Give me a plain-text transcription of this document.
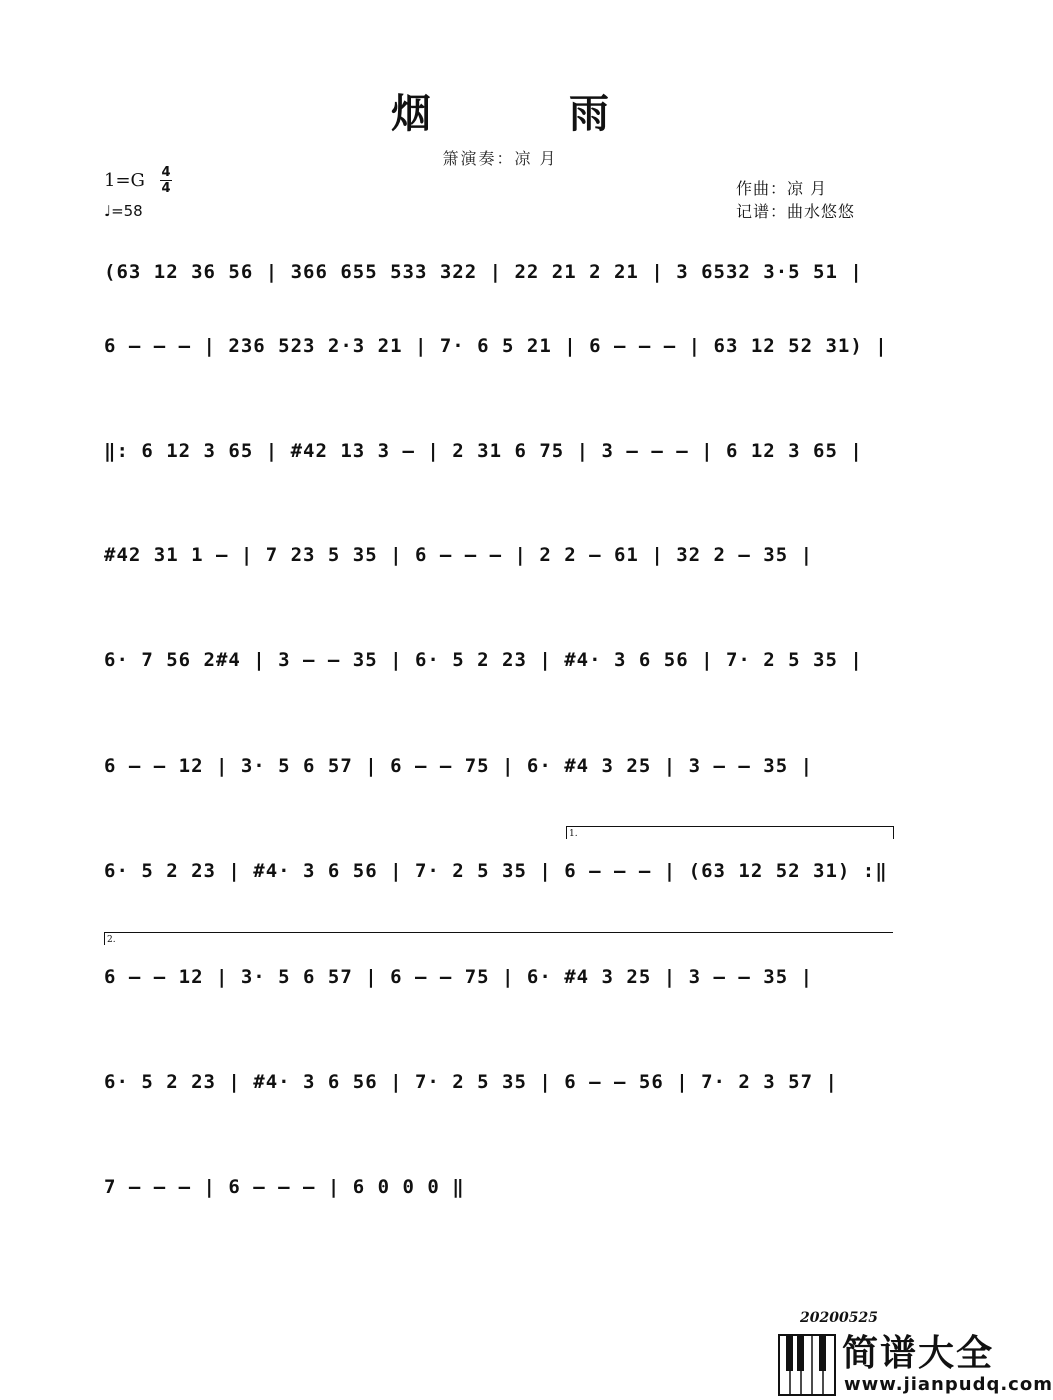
烟 雨
箫演奏：凉 月
1=G 4
4
♩=58
作曲：凉 月
记谱：曲水悠悠
(63 12 36 56 | 366 655 533 322 | 22 21 2 21 | 3 6532 3·5 51 |
6 – – – | 236 523 2·3 21 | 7· 6 5 21 | 6 – – – | 63 12 52 31) |
‖: 6 12 3 65 | #42 13 3 – | 2 31 6 75 | 3 – – – | 6 12 3 65 |
#42 31 1 – | 7 23 5 35 | 6 – – – | 2 2 – 61 | 32 2 – 35 |
6· 7 56 2#4 | 3 – – 35 | 6· 5 2 23 | #4· 3 6 56 | 7· 2 5 35 |
6 – – 12 | 3· 5 6 57 | 6 – – 75 | 6· #4 3 25 | 3 – – 35 |
1.
6· 5 2 23 | #4· 3 6 56 | 7· 2 5 35 | 6 – – – | (63 12 52 31) :‖
2.
6 – – 12 | 3· 5 6 57 | 6 – – 75 | 6· #4 3 25 | 3 – – 35 |
6· 5 2 23 | #4· 3 6 56 | 7· 2 5 35 | 6 – – 56 | 7· 2 3 57 |
7 – – – | 6 – – – | 6 0 0 0 ‖
20200525
简谱大全
www.jianpudq.com
